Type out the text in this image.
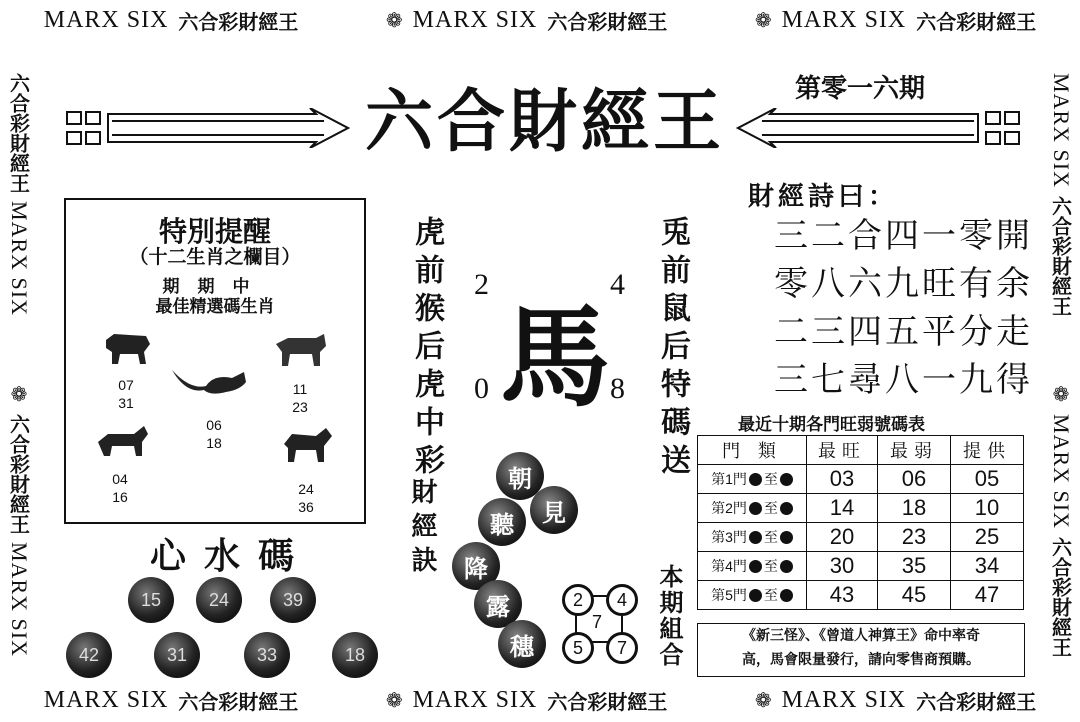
MARX SIX 六合彩財經王	❁ MARX SIX 六合彩財經王	❁ MARX SIX 六合彩財經王
MARX SIX 六合彩財經王	❁ MARX SIX 六合彩財經王	❁ MARX SIX 六合彩財經王
六合彩財經王
MARX SIX
❁
六合彩財經王
MARX SIX
MARX SIX
六合彩財經王
❁
MARX SIX
六合彩財經王
六合財經王	第零一六期
特別提醒
（十二生肖之欄目）
期期中
最佳精選碼生肖
07
31
06
18
11
23
04
16	24
36
心水碼
15	24	39
42	31	33	18
虎前猴后虎中彩
財經訣
兎前鼠后特碼送
2	4
0	8
馬
朝
見
聽
降
露
穗
2	4
7
5	7	本期組合
財經詩曰：
三二合四一零開
零八六九旺有余
二三四五平分走
三七尋八一九得
最近十期各門旺弱號碼表
門 類	最旺	最弱	提供

第1門 至	03	06	05

第2門 至	14	18	10

第3門 至	20	23	25

第4門 至	30	35	34

第5門 至	43	45	47
《新三怪》、《曾道人神算王》命中率奇
高，馬會限量發行，請向零售商預購。
